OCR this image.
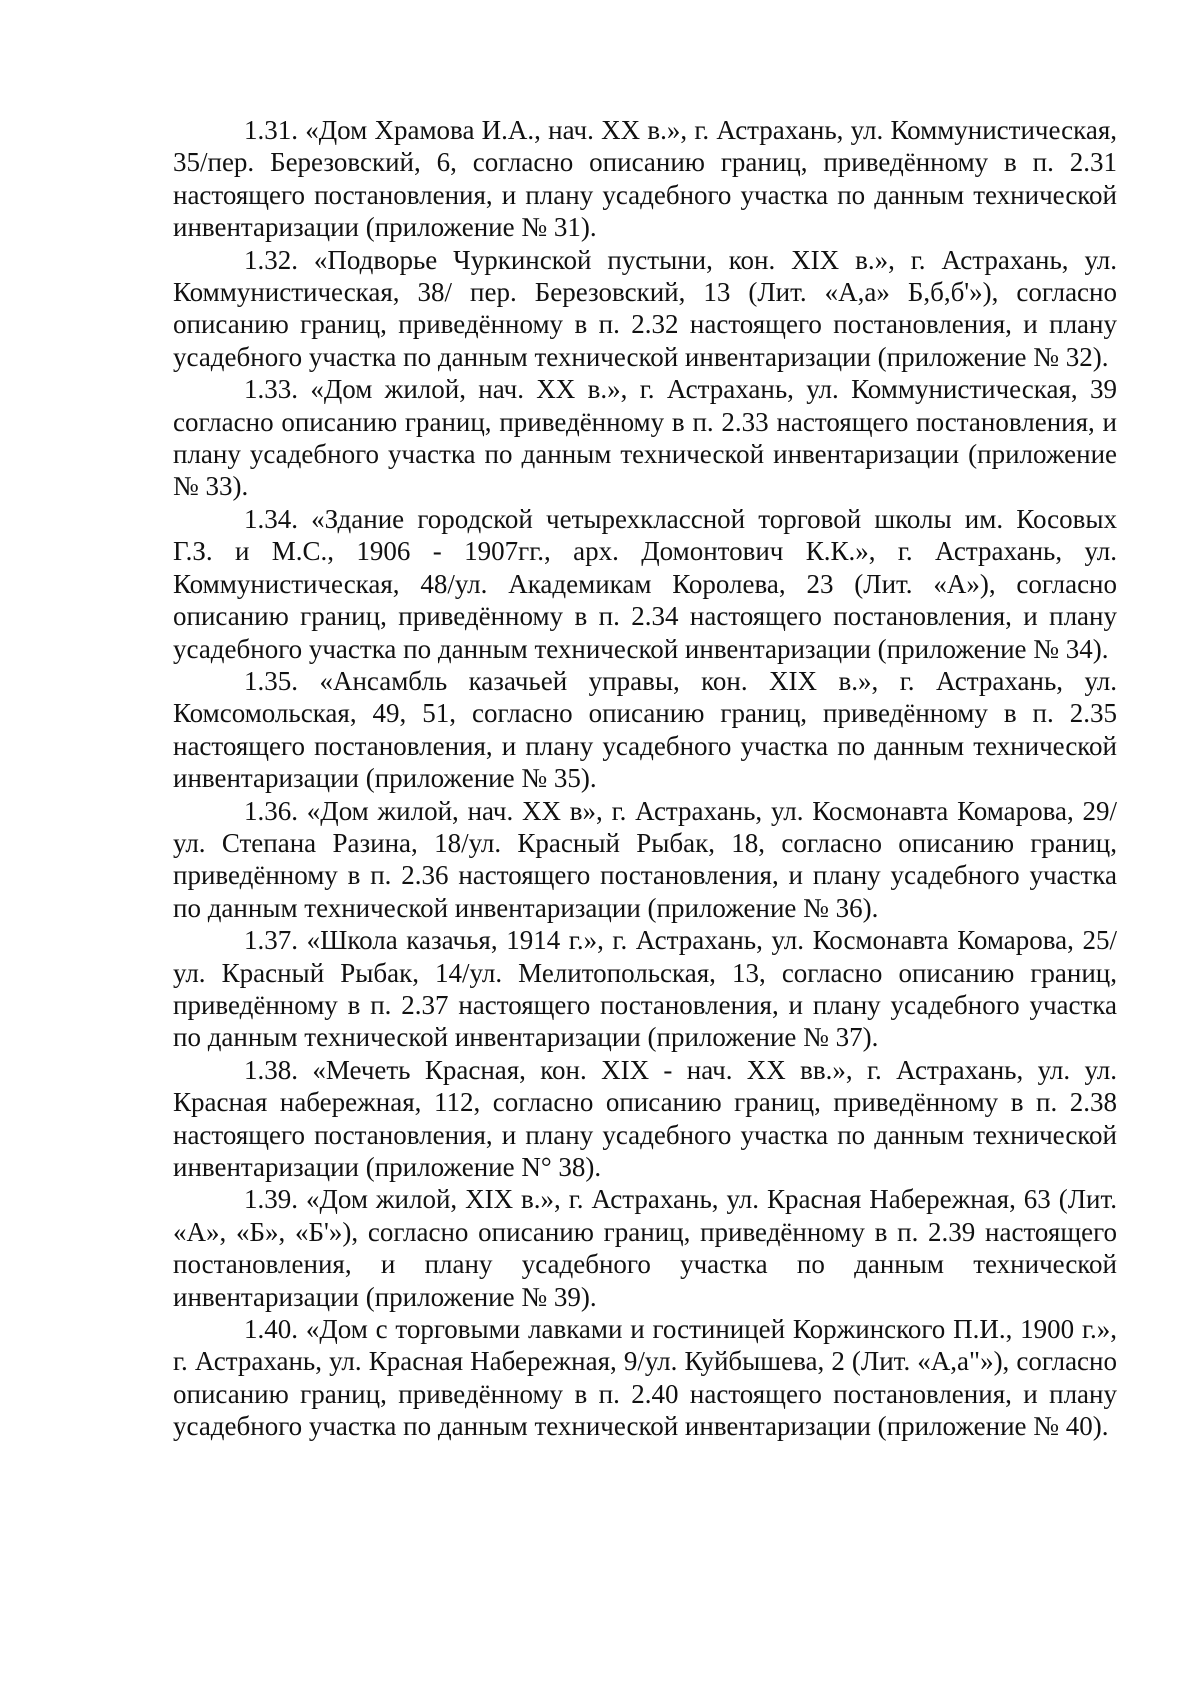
1.31. «Дом Храмова И.А., нач. XX в.», г. Астрахань, ул. Коммунистическая, 35/пер. Березовский, 6, согласно описанию границ, приведённому в п. 2.31 настоящего постановления, и плану усадебного участка по данным технической инвентаризации (приложение № 31).

1.32. «Подворье Чуркинской пустыни, кон. XIX в.», г. Астрахань, ул. Коммунистическая, 38/ пер. Березовский, 13 (Лит. «А,а» Б,б,б'»), согласно описанию границ, приведённому в п. 2.32 настоящего постановления, и плану усадебного участка по данным технической инвентаризации (приложение № 32).

1.33. «Дом жилой, нач. XX в.», г. Астрахань, ул. Коммунистическая, 39 согласно описанию границ, приведённому в п. 2.33 настоящего постановления, и плану усадебного участка по данным технической инвентаризации (приложение № 33).

1.34. «Здание городской четырехклассной торговой школы им. Косовых Г.З. и М.С., 1906 - 1907гг., арх. Домонтович К.К.», г. Астрахань, ул. Коммунистическая, 48/ул. Академикам Королева, 23 (Лит. «А»), согласно описанию границ, приведённому в п. 2.34 настоящего постановления, и плану усадебного участка по данным технической инвентаризации (приложение № 34).

1.35. «Ансамбль казачьей управы, кон. XIX в.», г. Астрахань, ул. Комсомольская, 49, 51, согласно описанию границ, приведённому в п. 2.35 настоящего постановления, и плану усадебного участка по данным технической инвентаризации (приложение № 35).

1.36. «Дом жилой, нач. XX в», г. Астрахань, ул. Космонавта Комарова, 29/ул. Степана Разина, 18/ул. Красный Рыбак, 18, согласно описанию границ, приведённому в п. 2.36 настоящего постановления, и плану усадебного участка по данным технической инвентаризации (приложение № 36).

1.37. «Школа казачья, 1914 г.», г. Астрахань, ул. Космонавта Комарова, 25/ул. Красный Рыбак, 14/ул. Мелитопольская, 13, согласно описанию границ, приведённому в п. 2.37 настоящего постановления, и плану усадебного участка по данным технической инвентаризации (приложение № 37).

1.38. «Мечеть Красная, кон. XIX - нач. XX вв.», г. Астрахань, ул. ул. Красная набережная, 112, согласно описанию границ, приведённому в п. 2.38 настоящего постановления, и плану усадебного участка по данным технической инвентаризации (приложение N° 38).

1.39. «Дом жилой, XIX в.», г. Астрахань, ул. Красная Набережная, 63 (Лит. «А», «Б», «Б'»), согласно описанию границ, приведённому в п. 2.39 настоящего постановления, и плану усадебного участка по данным технической инвентаризации (приложение № 39).

1.40. «Дом с торговыми лавками и гостиницей Коржинского П.И., 1900 г.», г. Астрахань, ул. Красная Набережная, 9/ул. Куйбышева, 2 (Лит. «А,а"»), согласно описанию границ, приведённому в п. 2.40 настоящего постановления, и плану усадебного участка по данным технической инвентаризации (приложение № 40).
